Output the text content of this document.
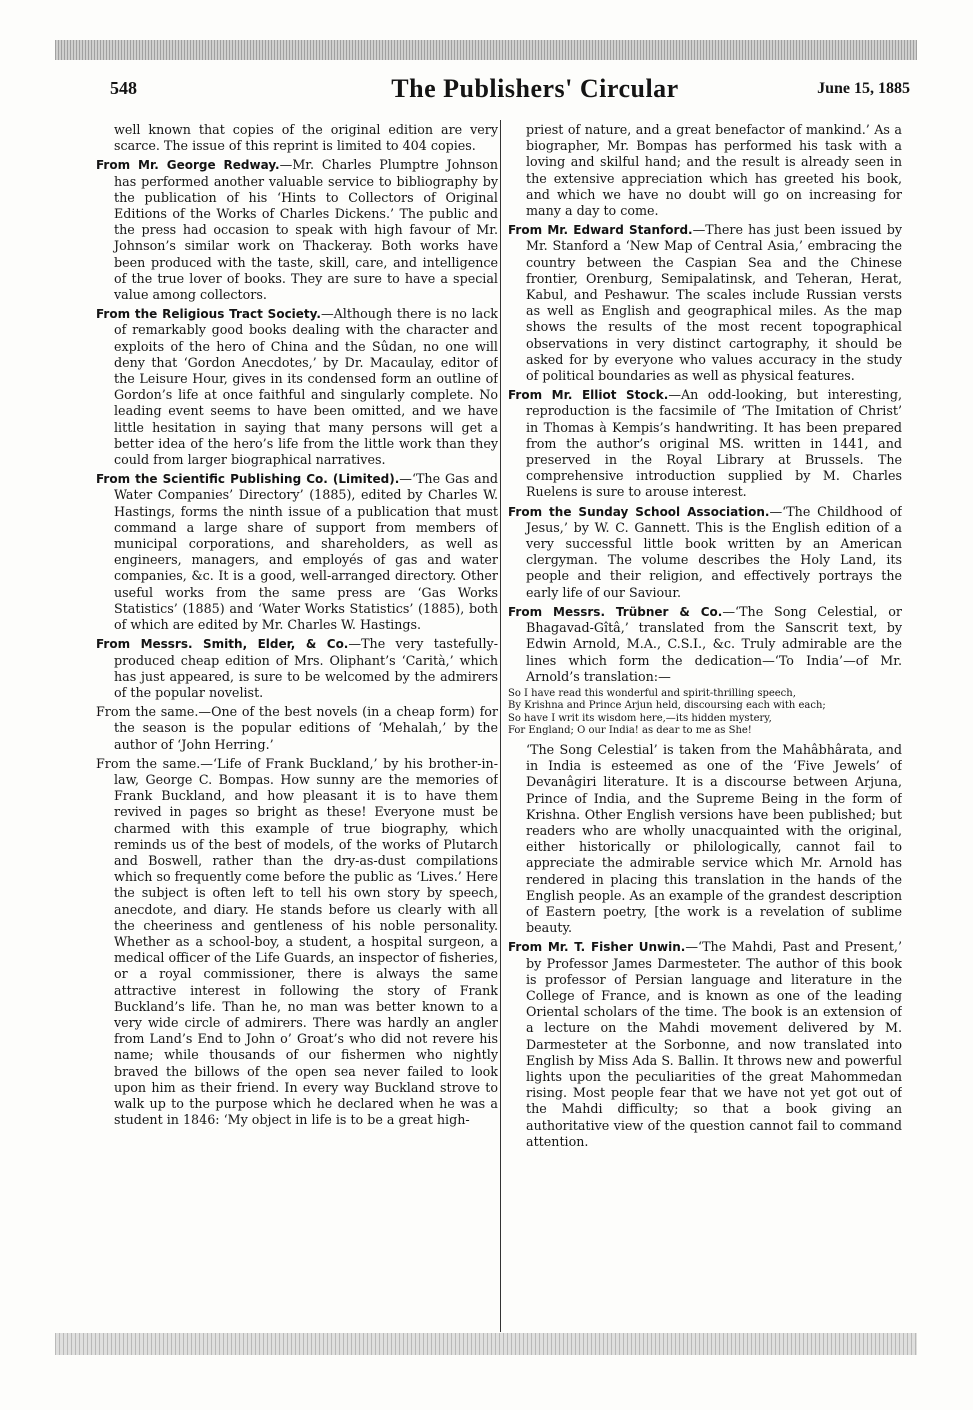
548	The Publishers' Circular	June 15, 1885

well known that copies of the original edition are very scarce. The issue of this reprint is limited to 404 copies.

From Mr. George Redway.—Mr. Charles Plumptre Johnson has performed another valuable service to bibliography by the publication of his ‘Hints to Collectors of Original Editions of the Works of Charles Dickens.’ The public and the press had occasion to speak with high favour of Mr. Johnson’s similar work on Thackeray. Both works have been produced with the taste, skill, care, and intelligence of the true lover of books. They are sure to have a special value among collectors.

From the Religious Tract Society.—Although there is no lack of remarkably good books dealing with the character and exploits of the hero of China and the Sûdan, no one will deny that ‘Gordon Anecdotes,’ by Dr. Macaulay, editor of the Leisure Hour, gives in its condensed form an outline of Gordon’s life at once faithful and singularly complete. No leading event seems to have been omitted, and we have little hesitation in saying that many persons will get a better idea of the hero’s life from the little work than they could from larger biographical narratives.

From the Scientific Publishing Co. (Limited).—‘The Gas and Water Companies’ Directory’ (1885), edited by Charles W. Hastings, forms the ninth issue of a publication that must command a large share of support from members of municipal corporations, and shareholders, as well as engineers, managers, and employés of gas and water companies, &c. It is a good, well-arranged directory. Other useful works from the same press are ‘Gas Works Statistics’ (1885) and ‘Water Works Statistics’ (1885), both of which are edited by Mr. Charles W. Hastings.

From Messrs. Smith, Elder, & Co.—The very tastefully-produced cheap edition of Mrs. Oliphant’s ‘Carità,’ which has just appeared, is sure to be welcomed by the admirers of the popular novelist.

From the same.—One of the best novels (in a cheap form) for the season is the popular editions of ‘Mehalah,’ by the author of ‘John Herring.’

From the same.—‘Life of Frank Buckland,’ by his brother-in-law, George C. Bompas. How sunny are the memories of Frank Buckland, and how pleasant it is to have them revived in pages so bright as these! Everyone must be charmed with this example of true biography, which reminds us of the best of models, of the works of Plutarch and Boswell, rather than the dry-as-dust compilations which so frequently come before the public as ‘Lives.’ Here the subject is often left to tell his own story by speech, anecdote, and diary. He stands before us clearly with all the cheeriness and gentleness of his noble personality. Whether as a school-boy, a student, a hospital surgeon, a medical officer of the Life Guards, an inspector of fisheries, or a royal commissioner, there is always the same attractive interest in following the story of Frank Buckland’s life. Than he, no man was better known to a very wide circle of admirers. There was hardly an angler from Land’s End to John o’ Groat’s who did not revere his name; while thousands of our fishermen who nightly braved the billows of the open sea never failed to look upon him as their friend. In every way Buckland strove to walk up to the purpose which he declared when he was a student in 1846: ‘My object in life is to be a great high-

priest of nature, and a great benefactor of mankind.’ As a biographer, Mr. Bompas has performed his task with a loving and skilful hand; and the result is already seen in the extensive appreciation which has greeted his book, and which we have no doubt will go on increasing for many a day to come.

From Mr. Edward Stanford.—There has just been issued by Mr. Stanford a ‘New Map of Central Asia,’ embracing the country between the Caspian Sea and the Chinese frontier, Orenburg, Semipalatinsk, and Teheran, Herat, Kabul, and Peshawur. The scales include Russian versts as well as English and geographical miles. As the map shows the results of the most recent topographical observations in very distinct cartography, it should be asked for by everyone who values accuracy in the study of political boundaries as well as physical features.

From Mr. Elliot Stock.—An odd-looking, but interesting, reproduction is the facsimile of ‘The Imitation of Christ’ in Thomas à Kempis’s handwriting. It has been prepared from the author’s original MS. written in 1441, and preserved in the Royal Library at Brussels. The comprehensive introduction supplied by M. Charles Ruelens is sure to arouse interest.

From the Sunday School Association.—‘The Childhood of Jesus,’ by W. C. Gannett. This is the English edition of a very successful little book written by an American clergyman. The volume describes the Holy Land, its people and their religion, and effectively portrays the early life of our Saviour.

From Messrs. Trübner & Co.—‘The Song Celestial, or Bhagavad-Gîtâ,’ translated from the Sanscrit text, by Edwin Arnold, M.A., C.S.I., &c. Truly admirable are the lines which form the dedication—‘To India’—of Mr. Arnold’s translation:—

So I have read this wonderful and spirit-thrilling speech,
By Krishna and Prince Arjun held, discoursing each with each;
So have I writ its wisdom here,—its hidden mystery,
For England; O our India! as dear to me as She!

‘The Song Celestial’ is taken from the Mahâbhârata, and in India is esteemed as one of the ‘Five Jewels’ of Devanâgiri literature. It is a discourse between Arjuna, Prince of India, and the Supreme Being in the form of Krishna. Other English versions have been published; but readers who are wholly unacquainted with the original, either historically or philologically, cannot fail to appreciate the admirable service which Mr. Arnold has rendered in placing this translation in the hands of the English people. As an example of the grandest description of Eastern poetry, [the work is a revelation of sublime beauty.

From Mr. T. Fisher Unwin.—‘The Mahdi, Past and Present,’ by Professor James Darmesteter. The author of this book is professor of Persian language and literature in the College of France, and is known as one of the leading Oriental scholars of the time. The book is an extension of a lecture on the Mahdi movement delivered by M. Darmesteter at the Sorbonne, and now translated into English by Miss Ada S. Ballin. It throws new and powerful lights upon the peculiarities of the great Mahommedan rising. Most people fear that we have not yet got out of the Mahdi difficulty; so that a book giving an authoritative view of the question cannot fail to command attention.
